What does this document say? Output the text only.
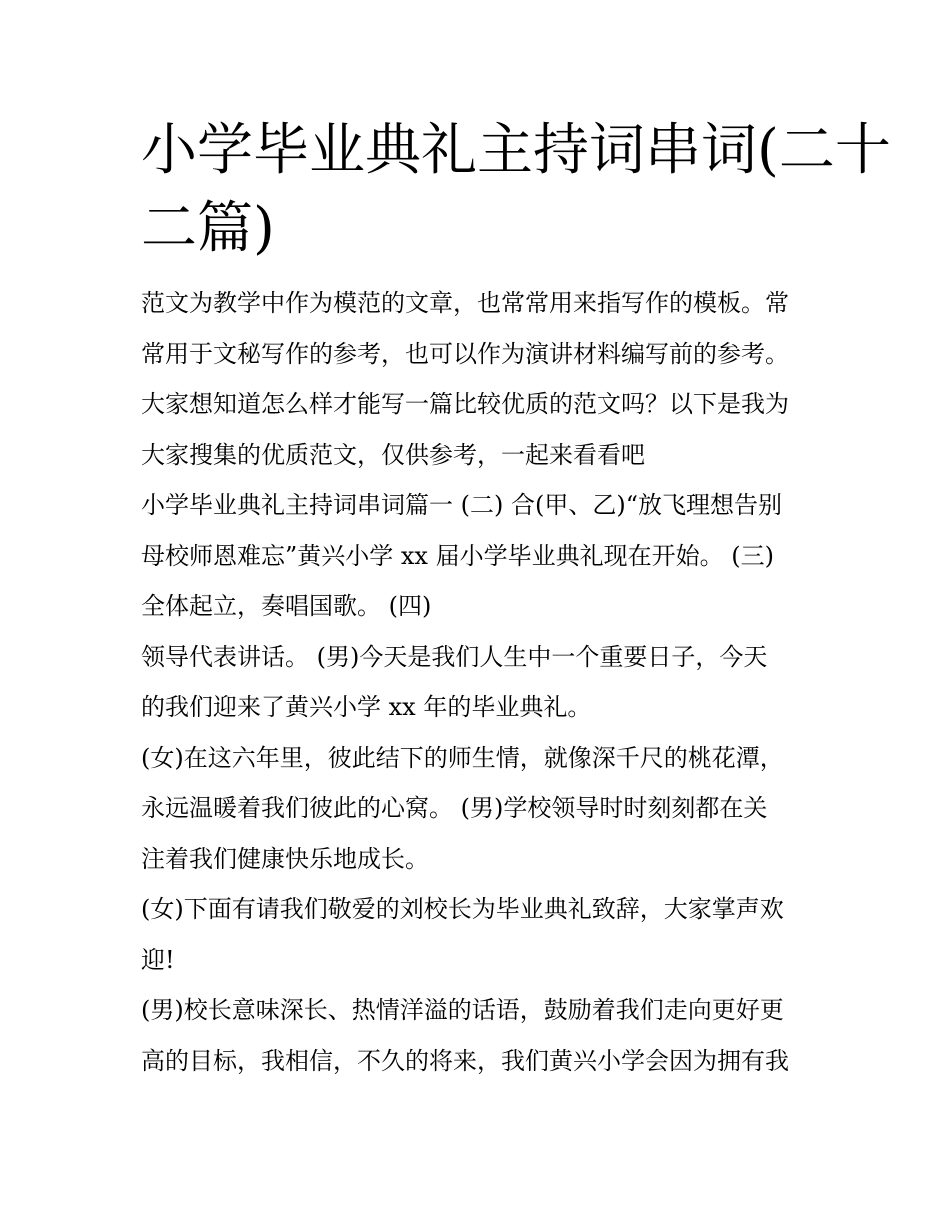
小学毕业典礼主持词串词(二十
二篇)
范文为教学中作为模范的文章，也常常用来指写作的模板。常
常用于文秘写作的参考，也可以作为演讲材料编写前的参考。
大家想知道怎么样才能写一篇比较优质的范文吗？以下是我为
大家搜集的优质范文，仅供参考，一起来看看吧
小学毕业典礼主持词串词篇一 (二) 合(甲、乙)“放飞理想告别
母校师恩难忘”黄兴小学 xx 届小学毕业典礼现在开始。 (三)
全体起立，奏唱国歌。 (四)
领导代表讲话。 (男)今天是我们人生中一个重要日子，今天
的我们迎来了黄兴小学 xx 年的毕业典礼。
(女)在这六年里，彼此结下的师生情，就像深千尺的桃花潭，
永远温暖着我们彼此的心窝。 (男)学校领导时时刻刻都在关
注着我们健康快乐地成长。
(女)下面有请我们敬爱的刘校长为毕业典礼致辞，大家掌声欢
迎!
(男)校长意味深长、热情洋溢的话语，鼓励着我们走向更好更
高的目标，我相信，不久的将来，我们黄兴小学会因为拥有我
